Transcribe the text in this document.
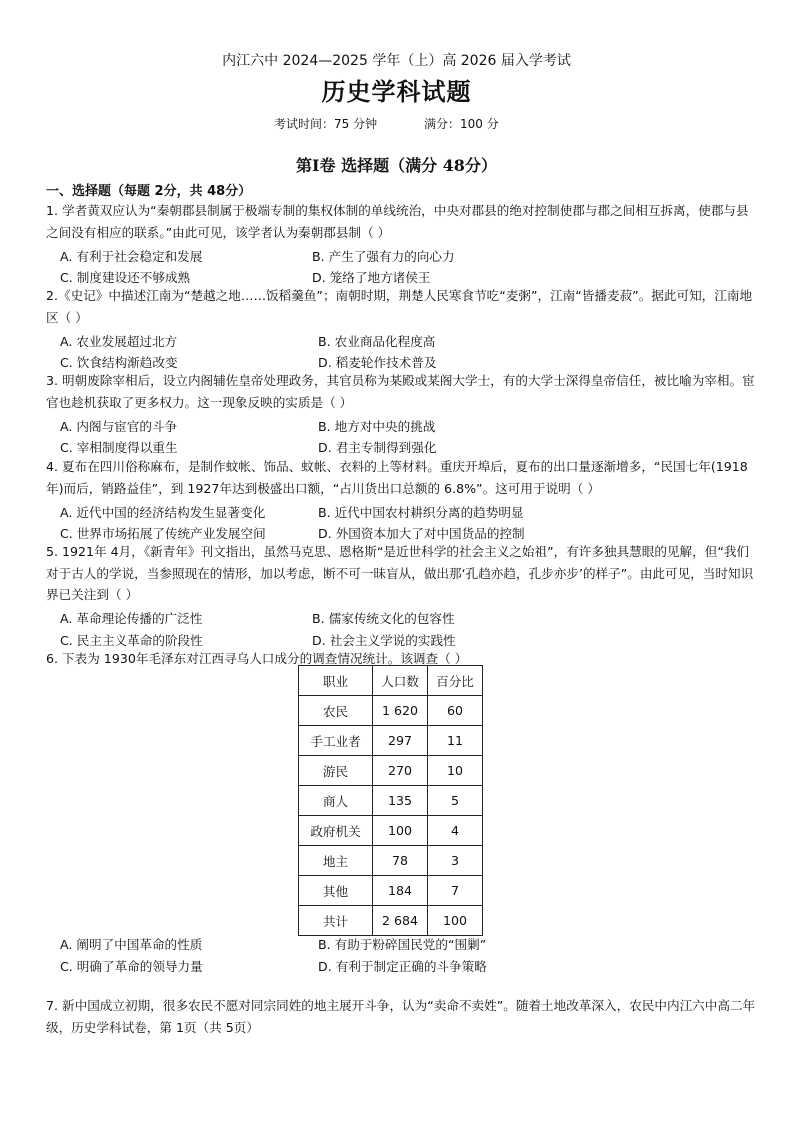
内江六中 2024—2025 学年（上）高 2026 届入学考试
历史学科试题
考试时间：75 分钟	满分：100 分
第Ⅰ卷 选择题（满分 48分）
一、选择题（每题 2分，共 48分）
1. 学者黄双应认为“秦朝郡县制属于极端专制的集权体制的单线统治，中央对郡县的绝对控制使郡与郡之间相互拆离，使郡与县之间没有相应的联系。”由此可见，该学者认为秦朝郡县制（ ）
A. 有利于社会稳定和发展	B. 产生了强有力的向心力
C. 制度建设还不够成熟	D. 笼络了地方诸侯王
2.《史记》中描述江南为“楚越之地……饭稻羹鱼”；南朝时期，荆楚人民寒食节吃“麦粥”，江南“皆播麦菽”。据此可知，江南地区（ ）
A. 农业发展超过北方	B. 农业商品化程度高
C. 饮食结构渐趋改变	D. 稻麦轮作技术普及
3. 明朝废除宰相后，设立内阁辅佐皇帝处理政务，其官员称为某殿或某阁大学士，有的大学士深得皇帝信任，被比喻为宰相。宦官也趁机获取了更多权力。这一现象反映的实质是（ ）
A. 内阁与宦官的斗争	B. 地方对中央的挑战
C. 宰相制度得以重生	D. 君主专制得到强化
4. 夏布在四川俗称麻布，是制作蚊帐、饰品、蚊帐、衣料的上等材料。重庆开埠后，夏布的出口量逐渐增多，“民国七年(1918年)而后，销路益佳”，到 1927年达到极盛出口额，“占川货出口总额的 6.8%”。这可用于说明（ ）
A. 近代中国的经济结构发生显著变化	B. 近代中国农村耕织分离的趋势明显
C. 世界市场拓展了传统产业发展空间	D. 外国资本加大了对中国货品的控制
5. 1921年 4月，《新青年》刊文指出，虽然马克思、恩格斯“是近世科学的社会主义之始祖”，有许多独具慧眼的见解，但“我们对于古人的学说，当参照现在的情形，加以考虑，断不可一昧盲从，做出那‘孔趋亦趋，孔步亦步’的样子”。由此可见，当时知识界已关注到（ ）
A. 革命理论传播的广泛性	B. 儒家传统文化的包容性
C. 民主主义革命的阶段性	D. 社会主义学说的实践性
6. 下表为 1930年毛泽东对江西寻乌人口成分的调查情况统计。该调查（ ）
职业	人口数	百分比
农民	1 620	60
手工业者	297	11
游民	270	10
商人	135	5
政府机关	100	4
地主	78	3
其他	184	7
共计	2 684	100
A. 阐明了中国革命的性质	B. 有助于粉碎国民党的“围剿”
C. 明确了革命的领导力量	D. 有利于制定正确的斗争策略
7. 新中国成立初期，很多农民不愿对同宗同姓的地主展开斗争，认为“卖命不卖姓”。随着土地改革深入，农民中内江六中高二年级，历史学科试卷，第 1页（共 5页）
